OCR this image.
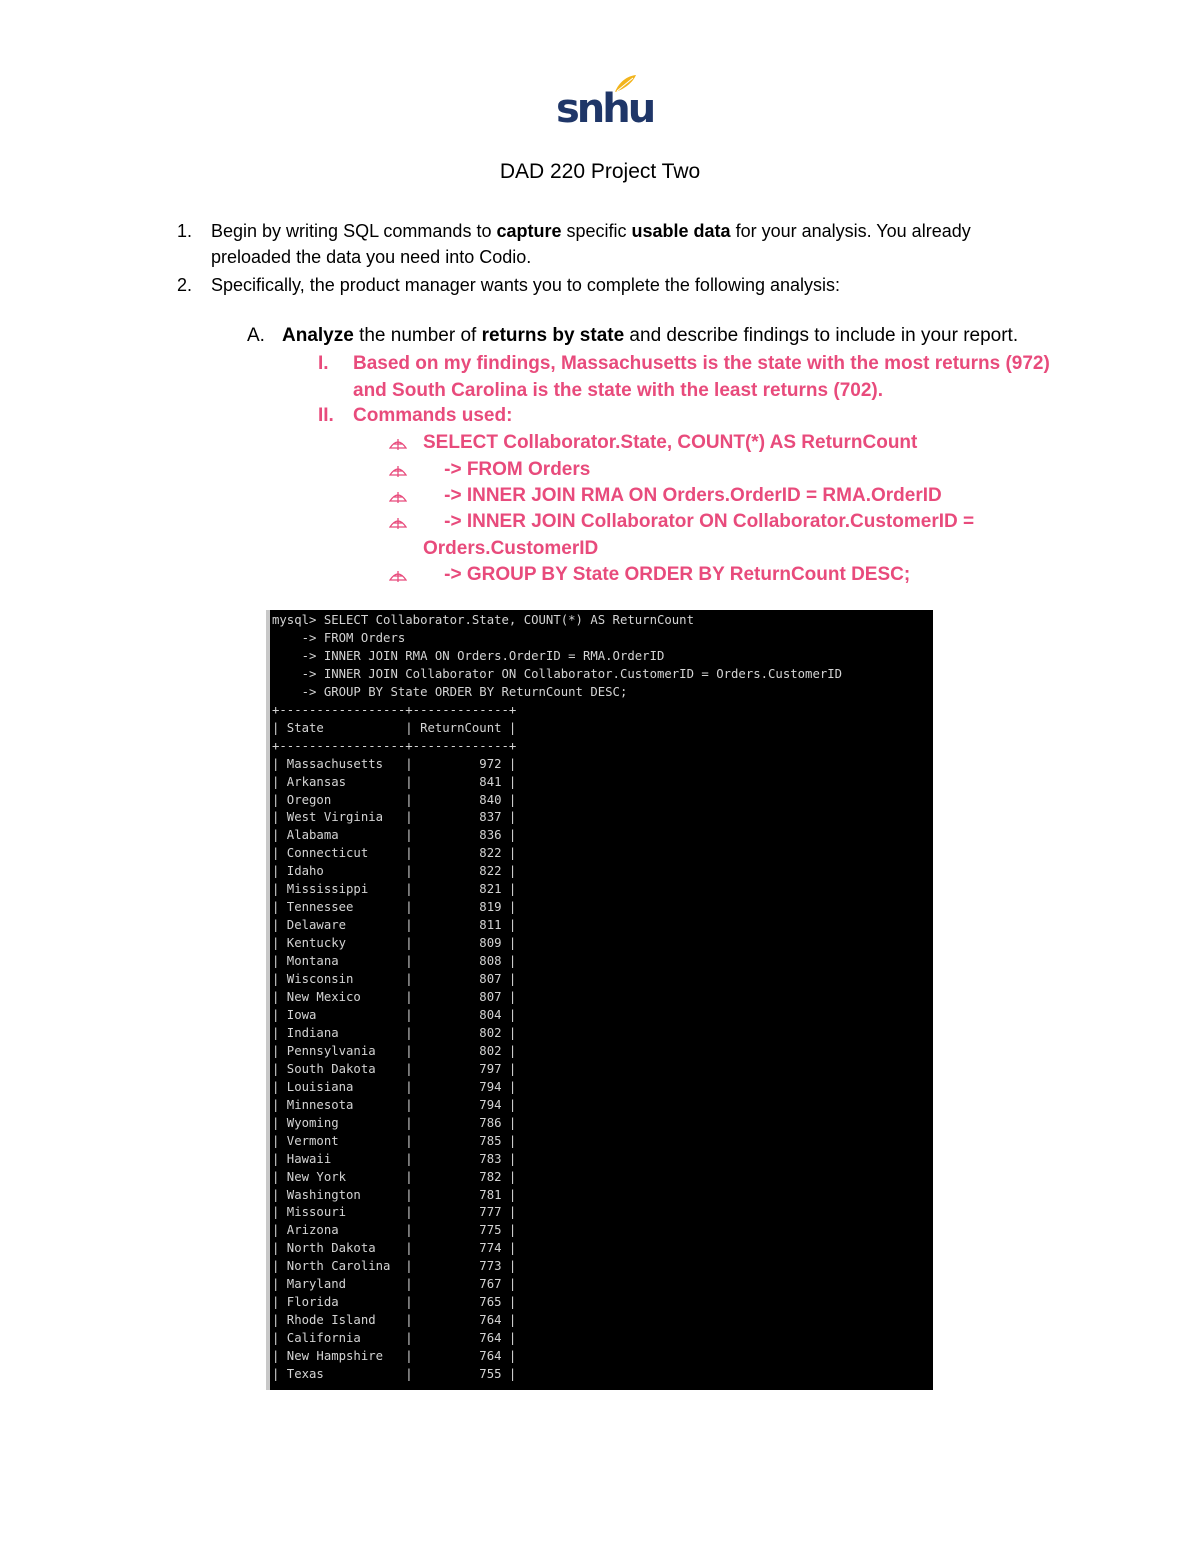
snhu
DAD 220 Project Two
1. Begin by writing SQL commands to capture specific usable data for your analysis. You already preloaded the data you need into Codio.
2. Specifically, the product manager wants you to complete the following analysis:
A. Analyze the number of returns by state and describe findings to include in your report.
I. Based on my findings, Massachusetts is the state with the most returns (972) and South Carolina is the state with the least returns (702).
II. Commands used:
SELECT Collaborator.State, COUNT(*) AS ReturnCount
-> FROM Orders
-> INNER JOIN RMA ON Orders.OrderID = RMA.OrderID
-> INNER JOIN Collaborator ON Collaborator.CustomerID = Orders.CustomerID
-> GROUP BY State ORDER BY ReturnCount DESC;
mysql> SELECT Collaborator.State, COUNT(*) AS ReturnCount
-> FROM Orders
-> INNER JOIN RMA ON Orders.OrderID = RMA.OrderID
-> INNER JOIN Collaborator ON Collaborator.CustomerID = Orders.CustomerID
-> GROUP BY State ORDER BY ReturnCount DESC;
+-----------------+-------------+
| State           | ReturnCount |
+-----------------+-------------+
| Massachusetts   |         972 |
| Arkansas        |         841 |
| Oregon          |         840 |
| West Virginia   |         837 |
| Alabama         |         836 |
| Connecticut     |         822 |
| Idaho           |         822 |
| Mississippi     |         821 |
| Tennessee       |         819 |
| Delaware        |         811 |
| Kentucky        |         809 |
| Montana         |         808 |
| Wisconsin       |         807 |
| New Mexico      |         807 |
| Iowa            |         804 |
| Indiana         |         802 |
| Pennsylvania    |         802 |
| South Dakota    |         797 |
| Louisiana       |         794 |
| Minnesota       |         794 |
| Wyoming         |         786 |
| Vermont         |         785 |
| Hawaii          |         783 |
| New York        |         782 |
| Washington      |         781 |
| Missouri        |         777 |
| Arizona         |         775 |
| North Dakota    |         774 |
| North Carolina  |         773 |
| Maryland        |         767 |
| Florida         |         765 |
| Rhode Island    |         764 |
| California      |         764 |
| New Hampshire   |         764 |
| Texas           |         755 |
